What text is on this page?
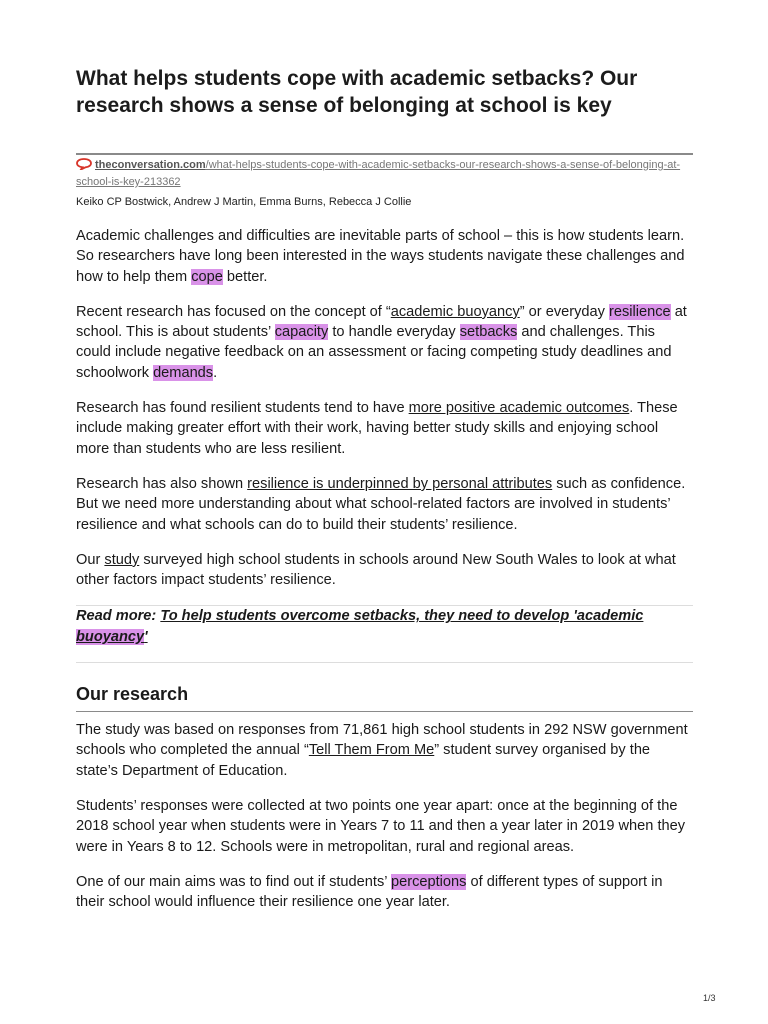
What helps students cope with academic setbacks? Our research shows a sense of belonging at school is key
theconversation.com/what-helps-students-cope-with-academic-setbacks-our-research-shows-a-sense-of-belonging-at-school-is-key-213362
Keiko CP Bostwick, Andrew J Martin, Emma Burns, Rebecca J Collie

Academic challenges and difficulties are inevitable parts of school – this is how students learn. So researchers have long been interested in the ways students navigate these challenges and how to help them cope better.

Recent research has focused on the concept of “academic buoyancy” or everyday resilience at school. This is about students’ capacity to handle everyday setbacks and challenges. This could include negative feedback on an assessment or facing competing study deadlines and schoolwork demands.

Research has found resilient students tend to have more positive academic outcomes. These include making greater effort with their work, having better study skills and enjoying school more than students who are less resilient.

Research has also shown resilience is underpinned by personal attributes such as confidence. But we need more understanding about what school-related factors are involved in students’ resilience and what schools can do to build their students’ resilience.

Our study surveyed high school students in schools around New South Wales to look at what other factors impact students’ resilience.

Read more: To help students overcome setbacks, they need to develop 'academic buoyancy'

Our research

The study was based on responses from 71,861 high school students in 292 NSW government schools who completed the annual “Tell Them From Me” student survey organised by the state’s Department of Education.

Students’ responses were collected at two points one year apart: once at the beginning of the 2018 school year when students were in Years 7 to 11 and then a year later in 2019 when they were in Years 8 to 12. Schools were in metropolitan, rural and regional areas.

One of our main aims was to find out if students’ perceptions of different types of support in their school would influence their resilience one year later.

1/3
